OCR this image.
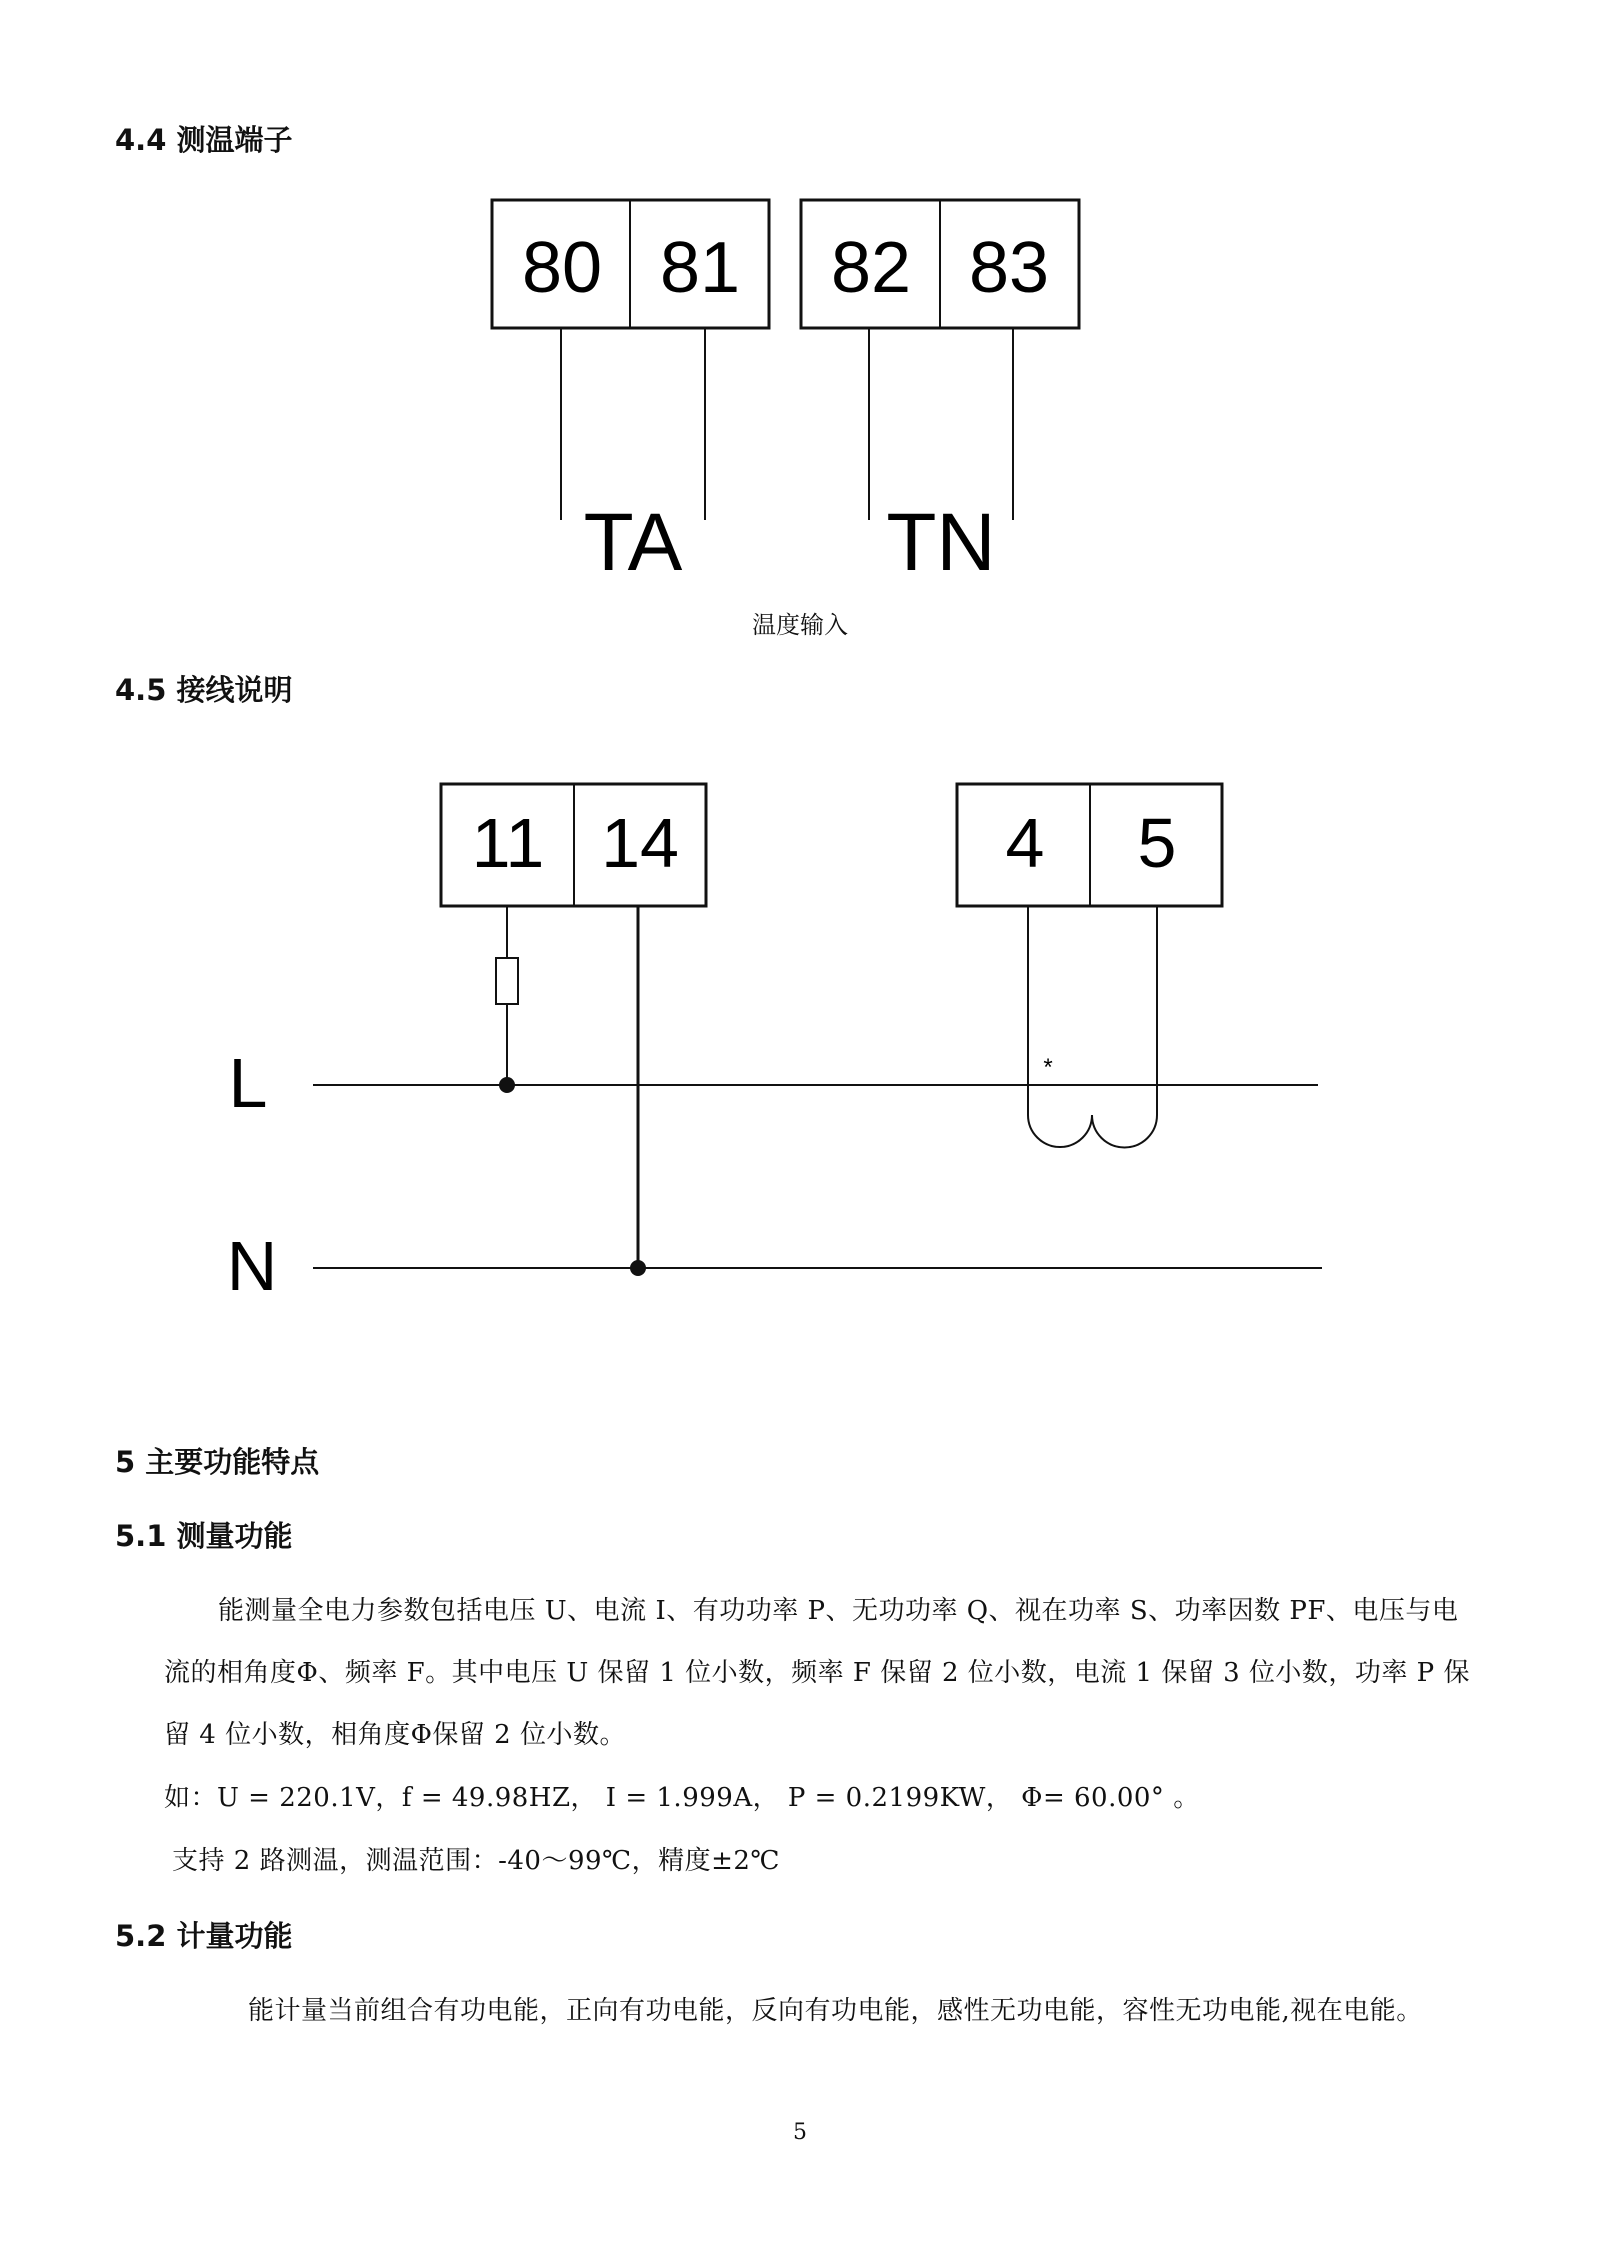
4.4 测温端子
80 81 82 83
TA TN
温度输入
4.5 接线说明
11 14	4 5
L
N
*
5 主要功能特点
5.1 测量功能
能测量全电力参数包括电压 U、电流 I、有功功率 P、无功功率 Q、视在功率 S、功率因数 PF、电压与电
流的相角度Φ、频率 F。其中电压 U 保留 1 位小数，频率 F 保留 2 位小数，电流 1 保留 3 位小数，功率 P 保
留 4 位小数，相角度Φ保留 2 位小数。
如：U = 220.1V，f = 49.98HZ， I = 1.999A， P = 0.2199KW， Φ= 60.00° 。
支持 2 路测温，测温范围：-40～99℃，精度±2℃
5.2 计量功能
能计量当前组合有功电能，正向有功电能，反向有功电能，感性无功电能，容性无功电能,视在电能。
5
